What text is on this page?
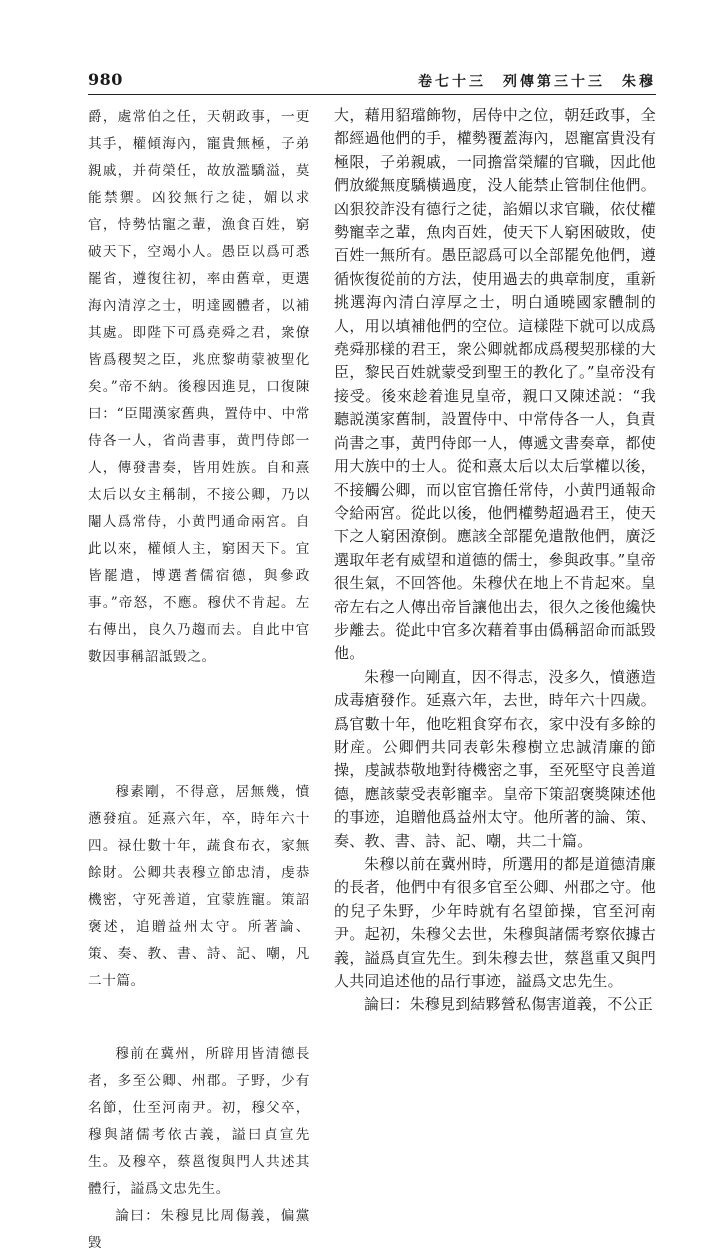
980	卷七十三　列傳第三十三　朱穆

爵，處常伯之任，天朝政事，一更其手，權傾海內，寵貴無極，子弟親戚，并荷榮任，故放濫驕溢，莫能禁禦。凶狡無行之徒，媚以求官，恃勢怙寵之輩，漁食百姓，窮破天下，空竭小人。愚臣以爲可悉罷省，遵復往初，率由舊章，更選海內清淳之士，明達國體者，以補其處。即陛下可爲堯舜之君，衆僚皆爲稷契之臣，兆庶黎萌蒙被聖化矣。”帝不納。後穆因進見，口復陳曰：“臣聞漢家舊典，置侍中、中常侍各一人，省尚書事，黄門侍郎一人，傳發書奏，皆用姓族。自和熹太后以女主稱制，不接公卿，乃以閹人爲常侍，小黄門通命兩宮。自此以來，權傾人主，窮困天下。宜皆罷遣，博選耆儒宿德，與參政事。”帝怒，不應。穆伏不肯起。左右傳出，良久乃趨而去。自此中官數因事稱詔詆毀之。

穆素剛，不得意，居無幾，憤懣發疽。延熹六年，卒，時年六十四。禄仕數十年，蔬食布衣，家無餘財。公卿共表穆立節忠清，虔恭機密，守死善道，宜蒙旌寵。策詔褒述，追贈益州太守。所著論、策、奏、教、書、詩、記、嘲，凡二十篇。

穆前在冀州，所辟用皆清德長者，多至公卿、州郡。子野，少有名節，仕至河南尹。初，穆父卒，穆與諸儒考依古義，謚曰貞宣先生。及穆卒，蔡邕復與門人共述其體行，謚爲文忠先生。

論曰：朱穆見比周傷義，偏黨毀

大，藉用貂璫飾物，居侍中之位，朝廷政事，全都經過他們的手，權勢覆蓋海內，恩寵富貴没有極限，子弟親戚，一同擔當榮耀的官職，因此他們放縱無度驕橫過度，没人能禁止管制住他們。凶狠狡詐没有德行之徒，諂媚以求官職，依仗權勢寵幸之輩，魚肉百姓，使天下人窮困破敗，使百姓一無所有。愚臣認爲可以全部罷免他們，遵循恢復從前的方法，使用過去的典章制度，重新挑選海內清白淳厚之士，明白通曉國家體制的人，用以填補他們的空位。這樣陛下就可以成爲堯舜那樣的君王，衆公卿就都成爲稷契那樣的大臣，黎民百姓就蒙受到聖王的教化了。”皇帝没有接受。後來趁着進見皇帝，親口又陳述説：“我聽説漢家舊制，設置侍中、中常侍各一人，負責尚書之事，黄門侍郎一人，傳遞文書奏章，都使用大族中的士人。從和熹太后以太后掌權以後，不接觸公卿，而以宦官擔任常侍，小黄門通報命令給兩宮。從此以後，他們權勢超過君王，使天下之人窮困潦倒。應該全部罷免遣散他們，廣泛選取年老有威望和道德的儒士，參與政事。”皇帝很生氣，不回答他。朱穆伏在地上不肯起來。皇帝左右之人傳出帝旨讓他出去，很久之後他纔快步離去。從此中官多次藉着事由僞稱詔命而詆毀他。

朱穆一向剛直，因不得志，没多久，憤懣造成毒瘡發作。延熹六年，去世，時年六十四歲。爲官數十年，他吃粗食穿布衣，家中没有多餘的財産。公卿們共同表彰朱穆樹立忠誠清廉的節操，虔誠恭敬地對待機密之事，至死堅守良善道德，應該蒙受表彰寵幸。皇帝下策詔褒獎陳述他的事迹，追贈他爲益州太守。他所著的論、策、奏、教、書、詩、記、嘲，共二十篇。

朱穆以前在冀州時，所選用的都是道德清廉的長者，他們中有很多官至公卿、州郡之守。他的兒子朱野，少年時就有名望節操，官至河南尹。起初，朱穆父去世，朱穆與諸儒考察依據古義，謚爲貞宣先生。到朱穆去世，蔡邕重又與門人共同追述他的品行事迹，謚爲文忠先生。

論曰：朱穆見到結夥營私傷害道義，不公正
